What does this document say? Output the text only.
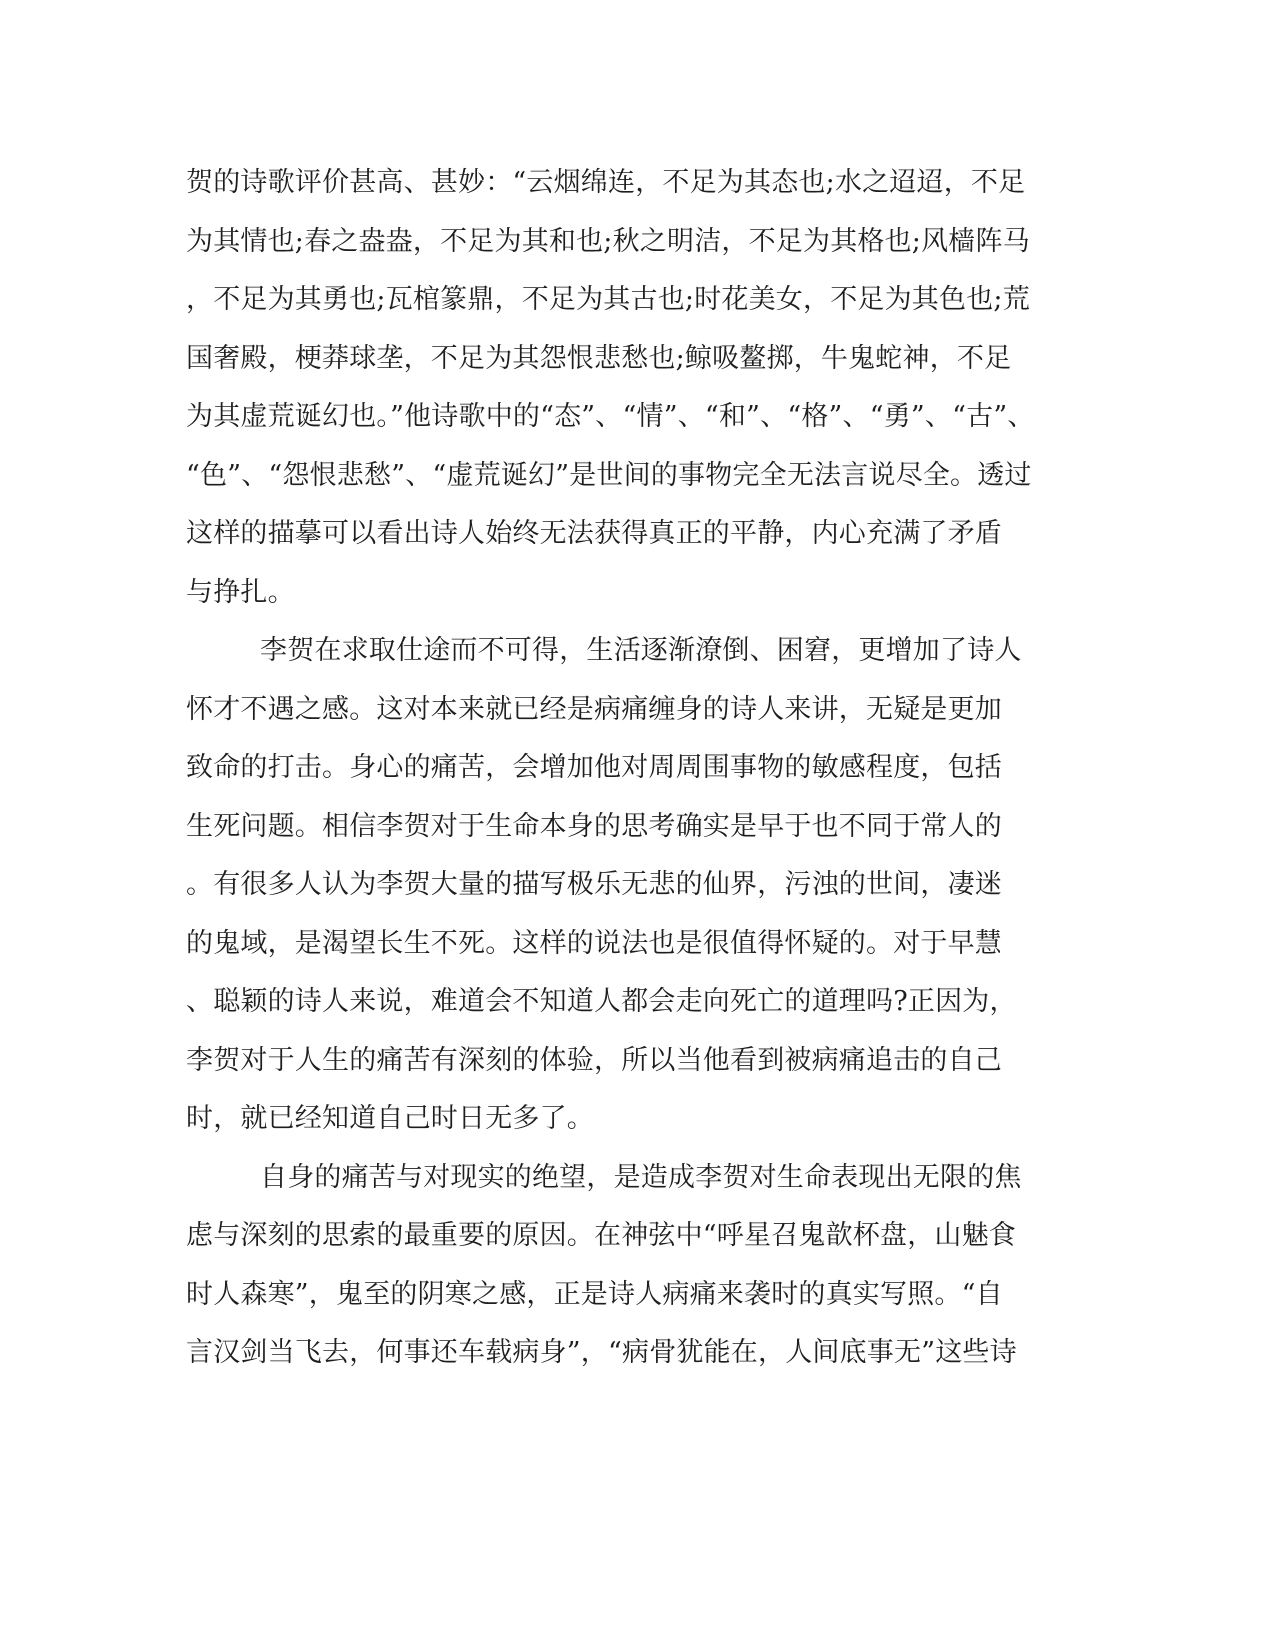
贺的诗歌评价甚高、甚妙：“云烟绵连，不足为其态也;水之迢迢，不足
为其情也;春之盎盎，不足为其和也;秋之明洁，不足为其格也;风樯阵马
，不足为其勇也;瓦棺篆鼎，不足为其古也;时花美女，不足为其色也;荒
国奢殿，梗莽球垄，不足为其怨恨悲愁也;鲸吸鳌掷，牛鬼蛇神，不足
为其虚荒诞幻也。”他诗歌中的“态”、“情”、“和”、“格”、“勇”、“古”、
“色”、“怨恨悲愁”、“虚荒诞幻”是世间的事物完全无法言说尽全。透过
这样的描摹可以看出诗人始终无法获得真正的平静，内心充满了矛盾
与挣扎。
李贺在求取仕途而不可得，生活逐渐潦倒、困窘，更增加了诗人
怀才不遇之感。这对本来就已经是病痛缠身的诗人来讲，无疑是更加
致命的打击。身心的痛苦，会增加他对周周围事物的敏感程度，包括
生死问题。相信李贺对于生命本身的思考确实是早于也不同于常人的
。有很多人认为李贺大量的描写极乐无悲的仙界，污浊的世间，凄迷
的鬼域，是渴望长生不死。这样的说法也是很值得怀疑的。对于早慧
、聪颖的诗人来说，难道会不知道人都会走向死亡的道理吗?正因为，
李贺对于人生的痛苦有深刻的体验，所以当他看到被病痛追击的自己
时，就已经知道自己时日无多了。
自身的痛苦与对现实的绝望，是造成李贺对生命表现出无限的焦
虑与深刻的思索的最重要的原因。在神弦中“呼星召鬼歆杯盘，山魅食
时人森寒”，鬼至的阴寒之感，正是诗人病痛来袭时的真实写照。“自
言汉剑当飞去，何事还车载病身”，“病骨犹能在，人间底事无”这些诗
